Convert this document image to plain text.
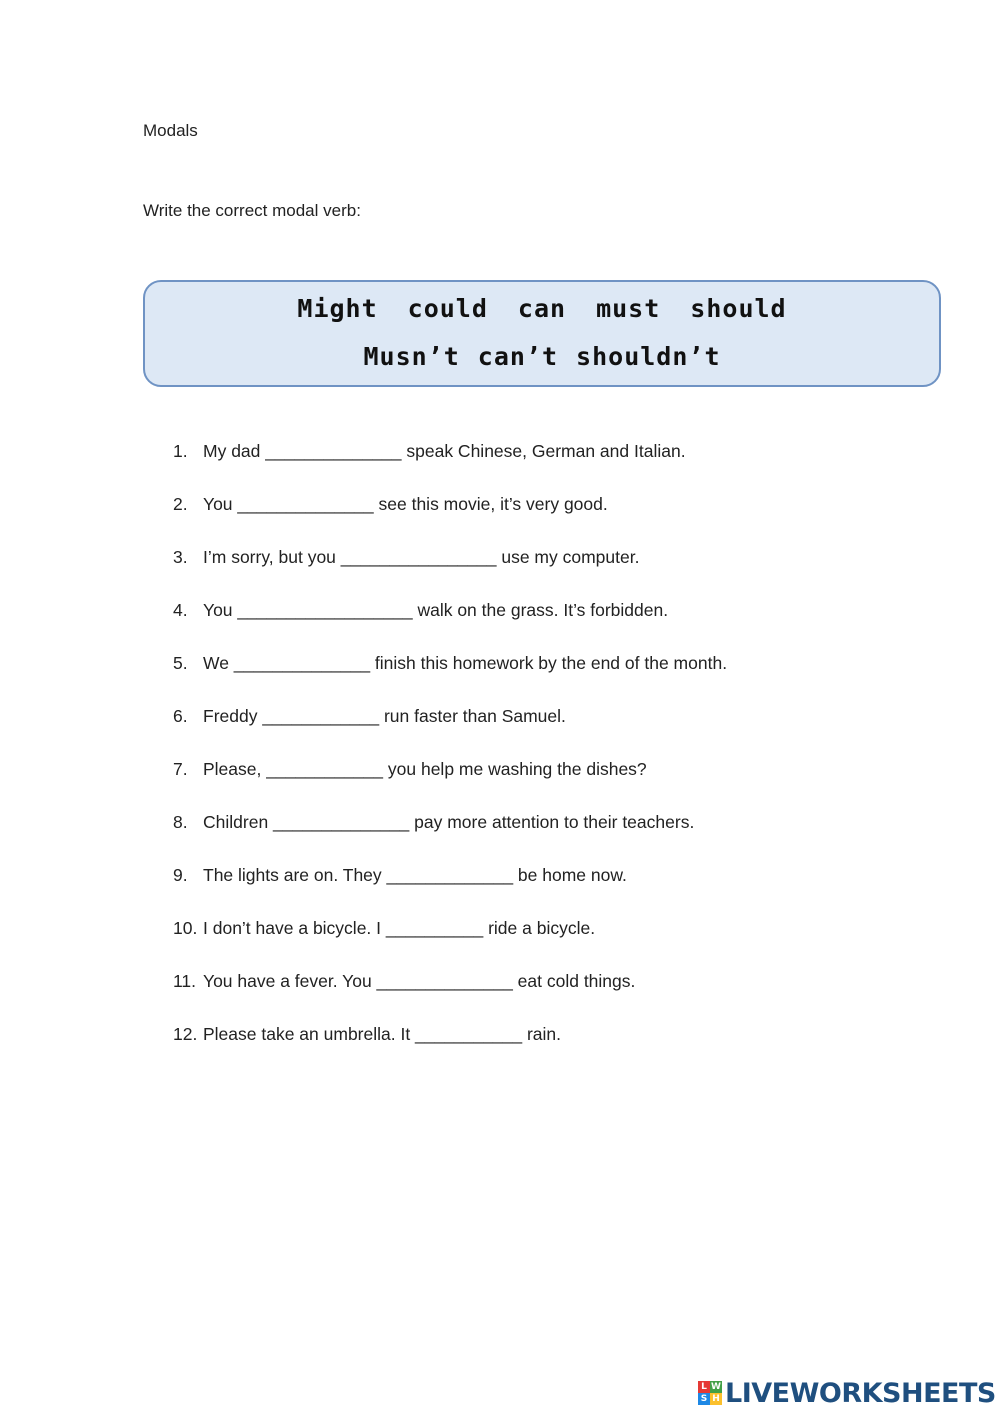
Modals
Write the correct modal verb:
Might could can must should
Musn’t can’t shouldn’t
1. My dad ______________ speak Chinese, German and Italian.
2. You ______________ see this movie, it’s very good.
3. I’m sorry, but you ________________ use my computer.
4. You __________________ walk on the grass. It’s forbidden.
5. We ______________ finish this homework by the end of the month.
6. Freddy ____________ run faster than Samuel.
7. Please, ____________ you help me washing the dishes?
8. Children ______________ pay more attention to their teachers.
9. The lights are on. They _____________ be home now.
10. I don’t have a bicycle. I __________ ride a bicycle.
11. You have a fever. You ______________ eat cold things.
12. Please take an umbrella. It ___________ rain.
L W
S H LIVEWORKSHEETS
